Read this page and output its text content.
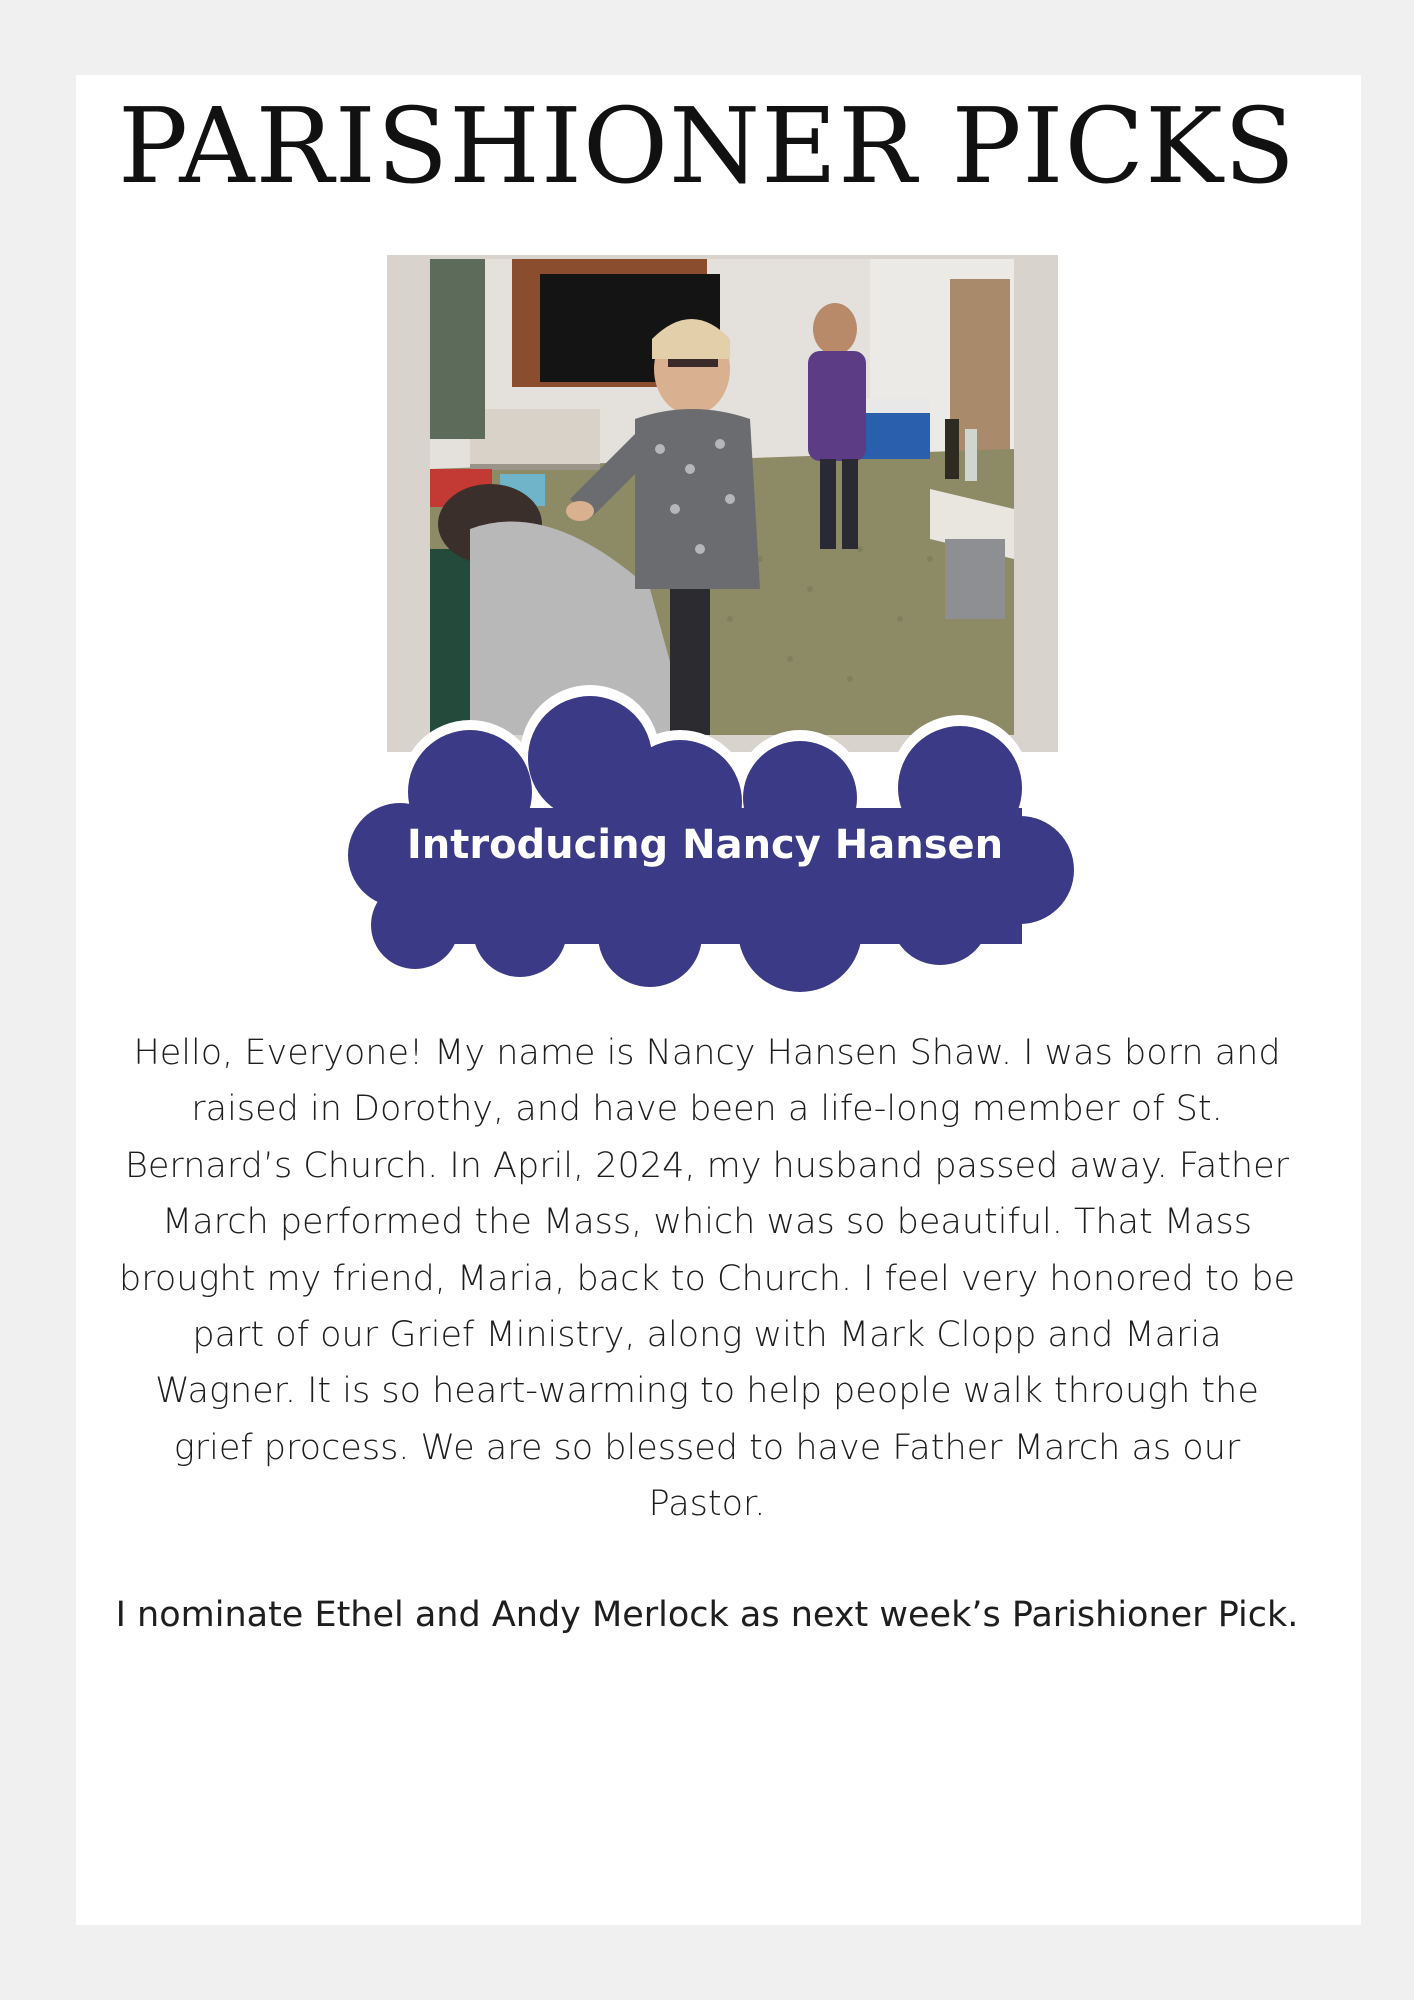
PARISHIONER PICKS
Introducing Nancy Hansen

Hello, Everyone! My name is Nancy Hansen Shaw. I was born and raised in Dorothy, and have been a life-long member of St. Bernard’s Church. In April, 2024, my husband passed away. Father March performed the Mass, which was so beautiful. That Mass brought my friend, Maria, back to Church. I feel very honored to be part of our Grief Ministry, along with Mark Clopp and Maria Wagner. It is so heart-warming to help people walk through the grief process. We are so blessed to have Father March as our Pastor.

I nominate Ethel and Andy Merlock as next week’s Parishioner Pick.
